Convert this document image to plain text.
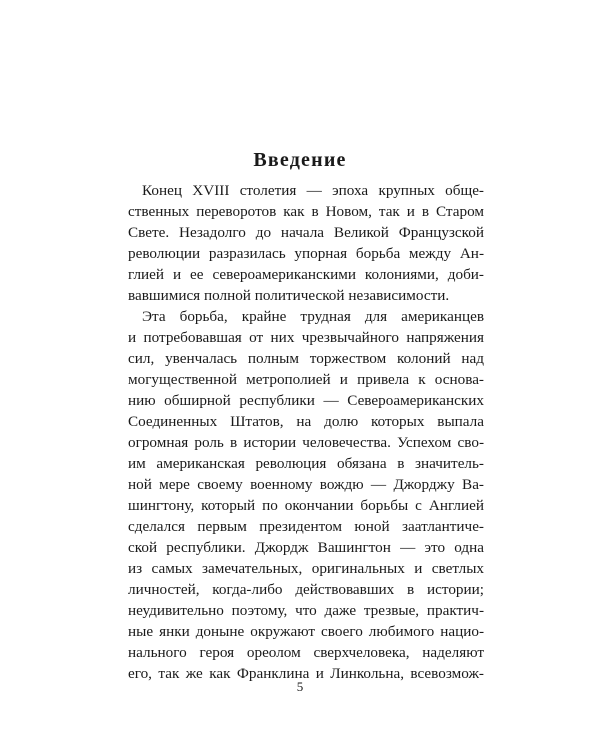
Введение
Конец XVIII столетия — эпоха крупных обще-
ственных переворотов как в Новом, так и в Старом
Свете. Незадолго до начала Великой Французской
революции разразилась упорная борьба между Ан-
глией и ее североамериканскими колониями, доби-
вавшимися полной политической независимости.
Эта борьба, крайне трудная для американцев
и потребовавшая от них чрезвычайного напряжения
сил, увенчалась полным торжеством колоний над
могущественной метрополией и привела к основа-
нию обширной республики — Североамериканских
Соединенных Штатов, на долю которых выпала
огромная роль в истории человечества. Успехом сво-
им американская революция обязана в значитель-
ной мере своему военному вождю — Джорджу Ва-
шингтону, который по окончании борьбы с Англией
сделался первым президентом юной заатлантиче-
ской республики. Джордж Вашингтон — это одна
из самых замечательных, оригинальных и светлых
личностей, когда-либо действовавших в истории;
неудивительно поэтому, что даже трезвые, практич-
ные янки доныне окружают своего любимого нацио-
нального героя ореолом сверхчеловека, наделяют
его, так же как Франклина и Линкольна, всевозмож-
5
